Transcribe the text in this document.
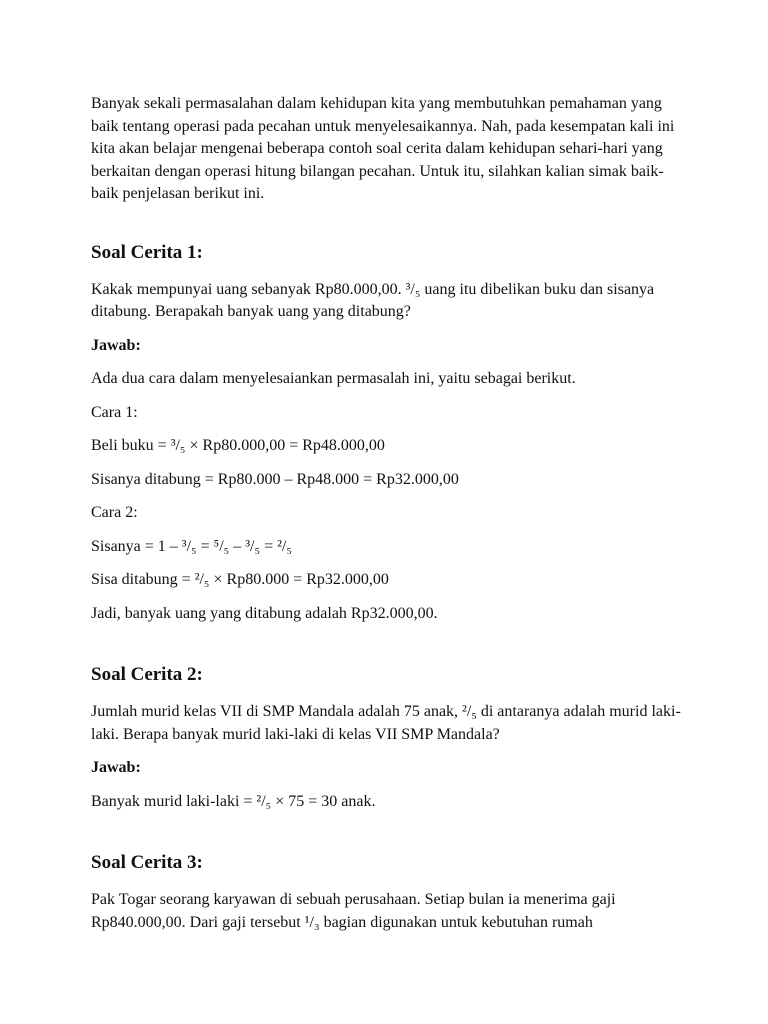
Banyak sekali permasalahan dalam kehidupan kita yang membutuhkan pemahaman yang baik tentang operasi pada pecahan untuk menyelesaikannya. Nah, pada kesempatan kali ini kita akan belajar mengenai beberapa contoh soal cerita dalam kehidupan sehari-hari yang berkaitan dengan operasi hitung bilangan pecahan. Untuk itu, silahkan kalian simak baik-baik penjelasan berikut ini.

Soal Cerita 1:

Kakak mempunyai uang sebanyak Rp80.000,00. ³/₅ uang itu dibelikan buku dan sisanya ditabung. Berapakah banyak uang yang ditabung?

Jawab:

Ada dua cara dalam menyelesaiankan permasalah ini, yaitu sebagai berikut.

Cara 1:

Beli buku = ³/₅ × Rp80.000,00 = Rp48.000,00

Sisanya ditabung = Rp80.000 – Rp48.000 = Rp32.000,00

Cara 2:

Sisanya = 1 – ³/₅ = ⁵/₅ – ³/₅ = ²/₅

Sisa ditabung = ²/₅ × Rp80.000 = Rp32.000,00

Jadi, banyak uang yang ditabung adalah Rp32.000,00.

Soal Cerita 2:

Jumlah murid kelas VII di SMP Mandala adalah 75 anak, ²/₅ di antaranya adalah murid laki-laki. Berapa banyak murid laki-laki di kelas VII SMP Mandala?

Jawab:

Banyak murid laki-laki = ²/₅ × 75 = 30 anak.

Soal Cerita 3:

Pak Togar seorang karyawan di sebuah perusahaan. Setiap bulan ia menerima gaji Rp840.000,00. Dari gaji tersebut ¹/₃ bagian digunakan untuk kebutuhan rumah
